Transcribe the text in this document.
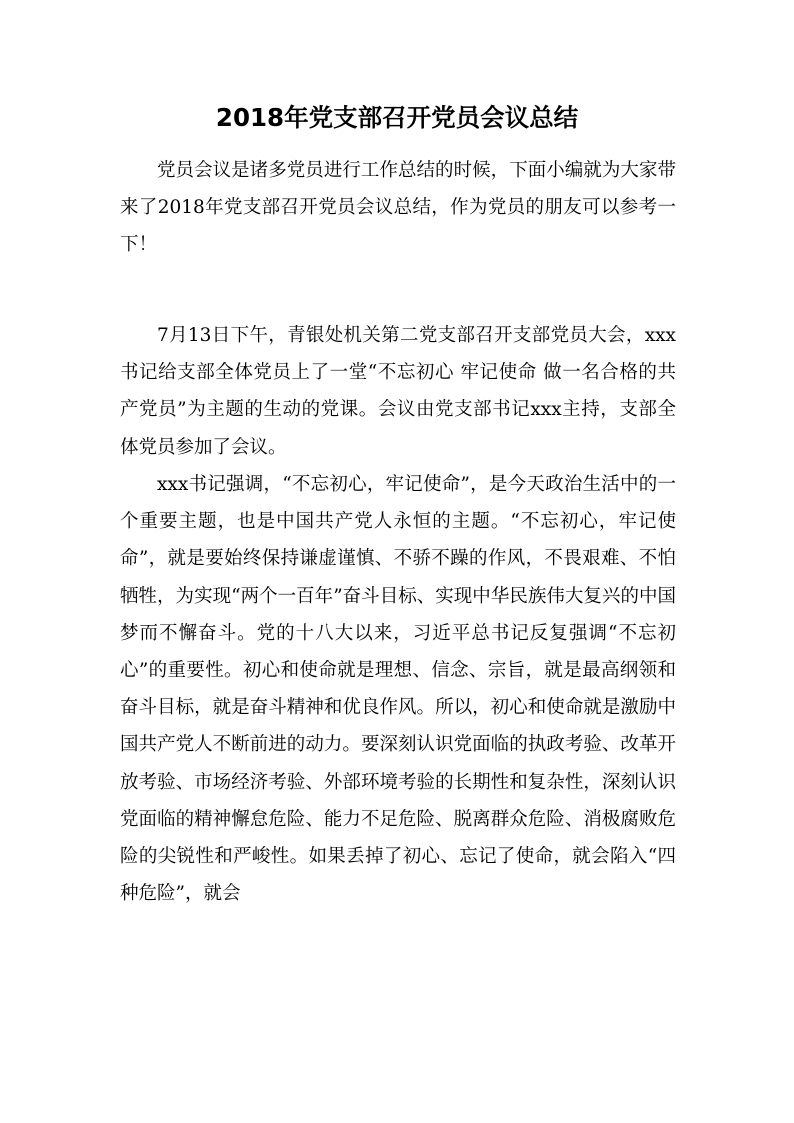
2018年党支部召开党员会议总结

党员会议是诸多党员进行工作总结的时候，下面小编就为大家带来了2018年党支部召开党员会议总结，作为党员的朋友可以参考一下！

7月13日下午，青银处机关第二党支部召开支部党员大会，xxx书记给支部全体党员上了一堂“不忘初心 牢记使命 做一名合格的共产党员”为主题的生动的党课。会议由党支部书记xxx主持，支部全体党员参加了会议。

xxx书记强调，“不忘初心，牢记使命”，是今天政治生活中的一个重要主题，也是中国共产党人永恒的主题。“不忘初心，牢记使命”，就是要始终保持谦虚谨慎、不骄不躁的作风，不畏艰难、不怕牺牲，为实现“两个一百年”奋斗目标、实现中华民族伟大复兴的中国梦而不懈奋斗。党的十八大以来，习近平总书记反复强调“不忘初心”的重要性。初心和使命就是理想、信念、宗旨，就是最高纲领和奋斗目标，就是奋斗精神和优良作风。所以，初心和使命就是激励中国共产党人不断前进的动力。要深刻认识党面临的执政考验、改革开放考验、市场经济考验、外部环境考验的长期性和复杂性，深刻认识党面临的精神懈怠危险、能力不足危险、脱离群众危险、消极腐败危险的尖锐性和严峻性。如果丢掉了初心、忘记了使命，就会陷入“四种危险”，就会
